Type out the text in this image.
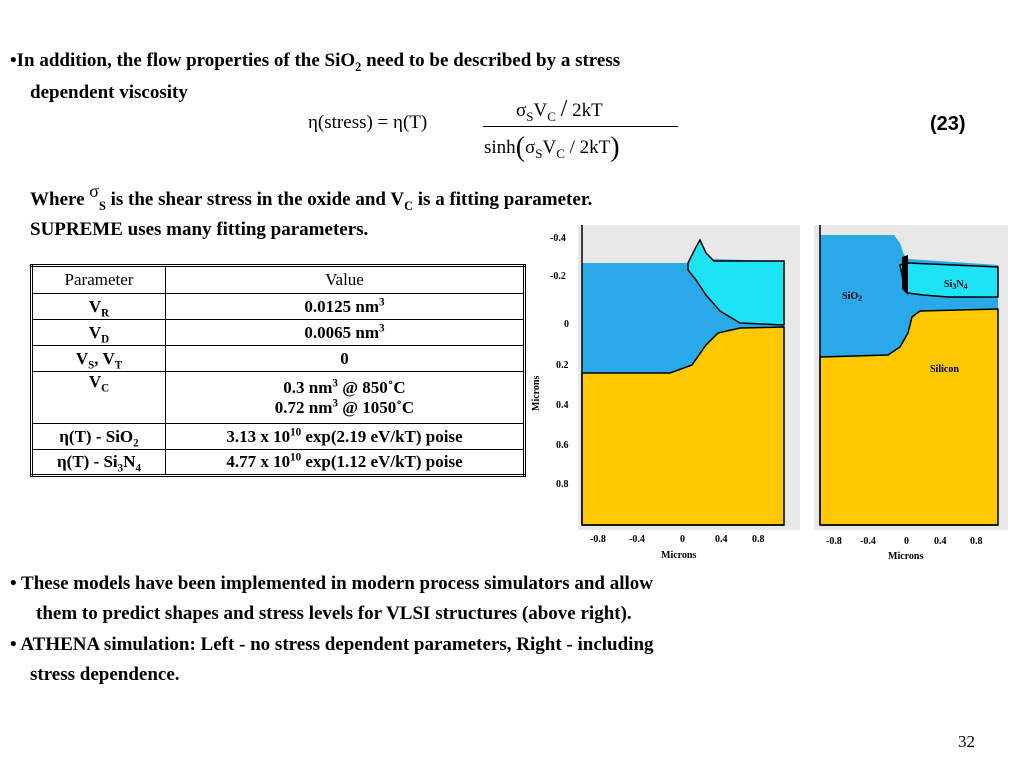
•In addition, the flow properties of the SiO$_2$ need to be described by a stress
dependent viscosity
η(stress) = η(T)
$\sigma_SV_C / 2kT$
$\sinh(\sigma_SV_C / 2kT)$
(23)
Where $\sigma_S$ is the shear stress in the oxide and $V_C$ is a fitting parameter.
SUPREME uses many fitting parameters.
Parameter	Value
$V_R$	0.0125 $nm^3$
$V_D$	0.0065 $nm^3$
$V_S$, $V_T$	0
$V_C$	0.3 $nm^3$ @ 850˚C
0.72 $nm^3$ @ 1050˚C

η(T) - SiO$_2$	3.13 x $10^{10}$ exp(2.19 eV/kT) poise
$\eta(T) - Si_3N_4$	4.77 x $10^{10}$ exp(1.12 eV/kT) poise
-0.4
-0.2
0
0.2
0.4
0.6
0.8
Microns
-0.8 -0.4	0	0.4 0.8
Microns
SiO$_2$
$Si_3N_4$
Silicon
-0.8 -0.4	0	0.4 0.8
Microns
• These models have been implemented in modern process simulators and allow
them to predict shapes and stress levels for VLSI structures (above right).
• ATHENA simulation: Left - no stress dependent parameters, Right - including
stress dependence.
32
